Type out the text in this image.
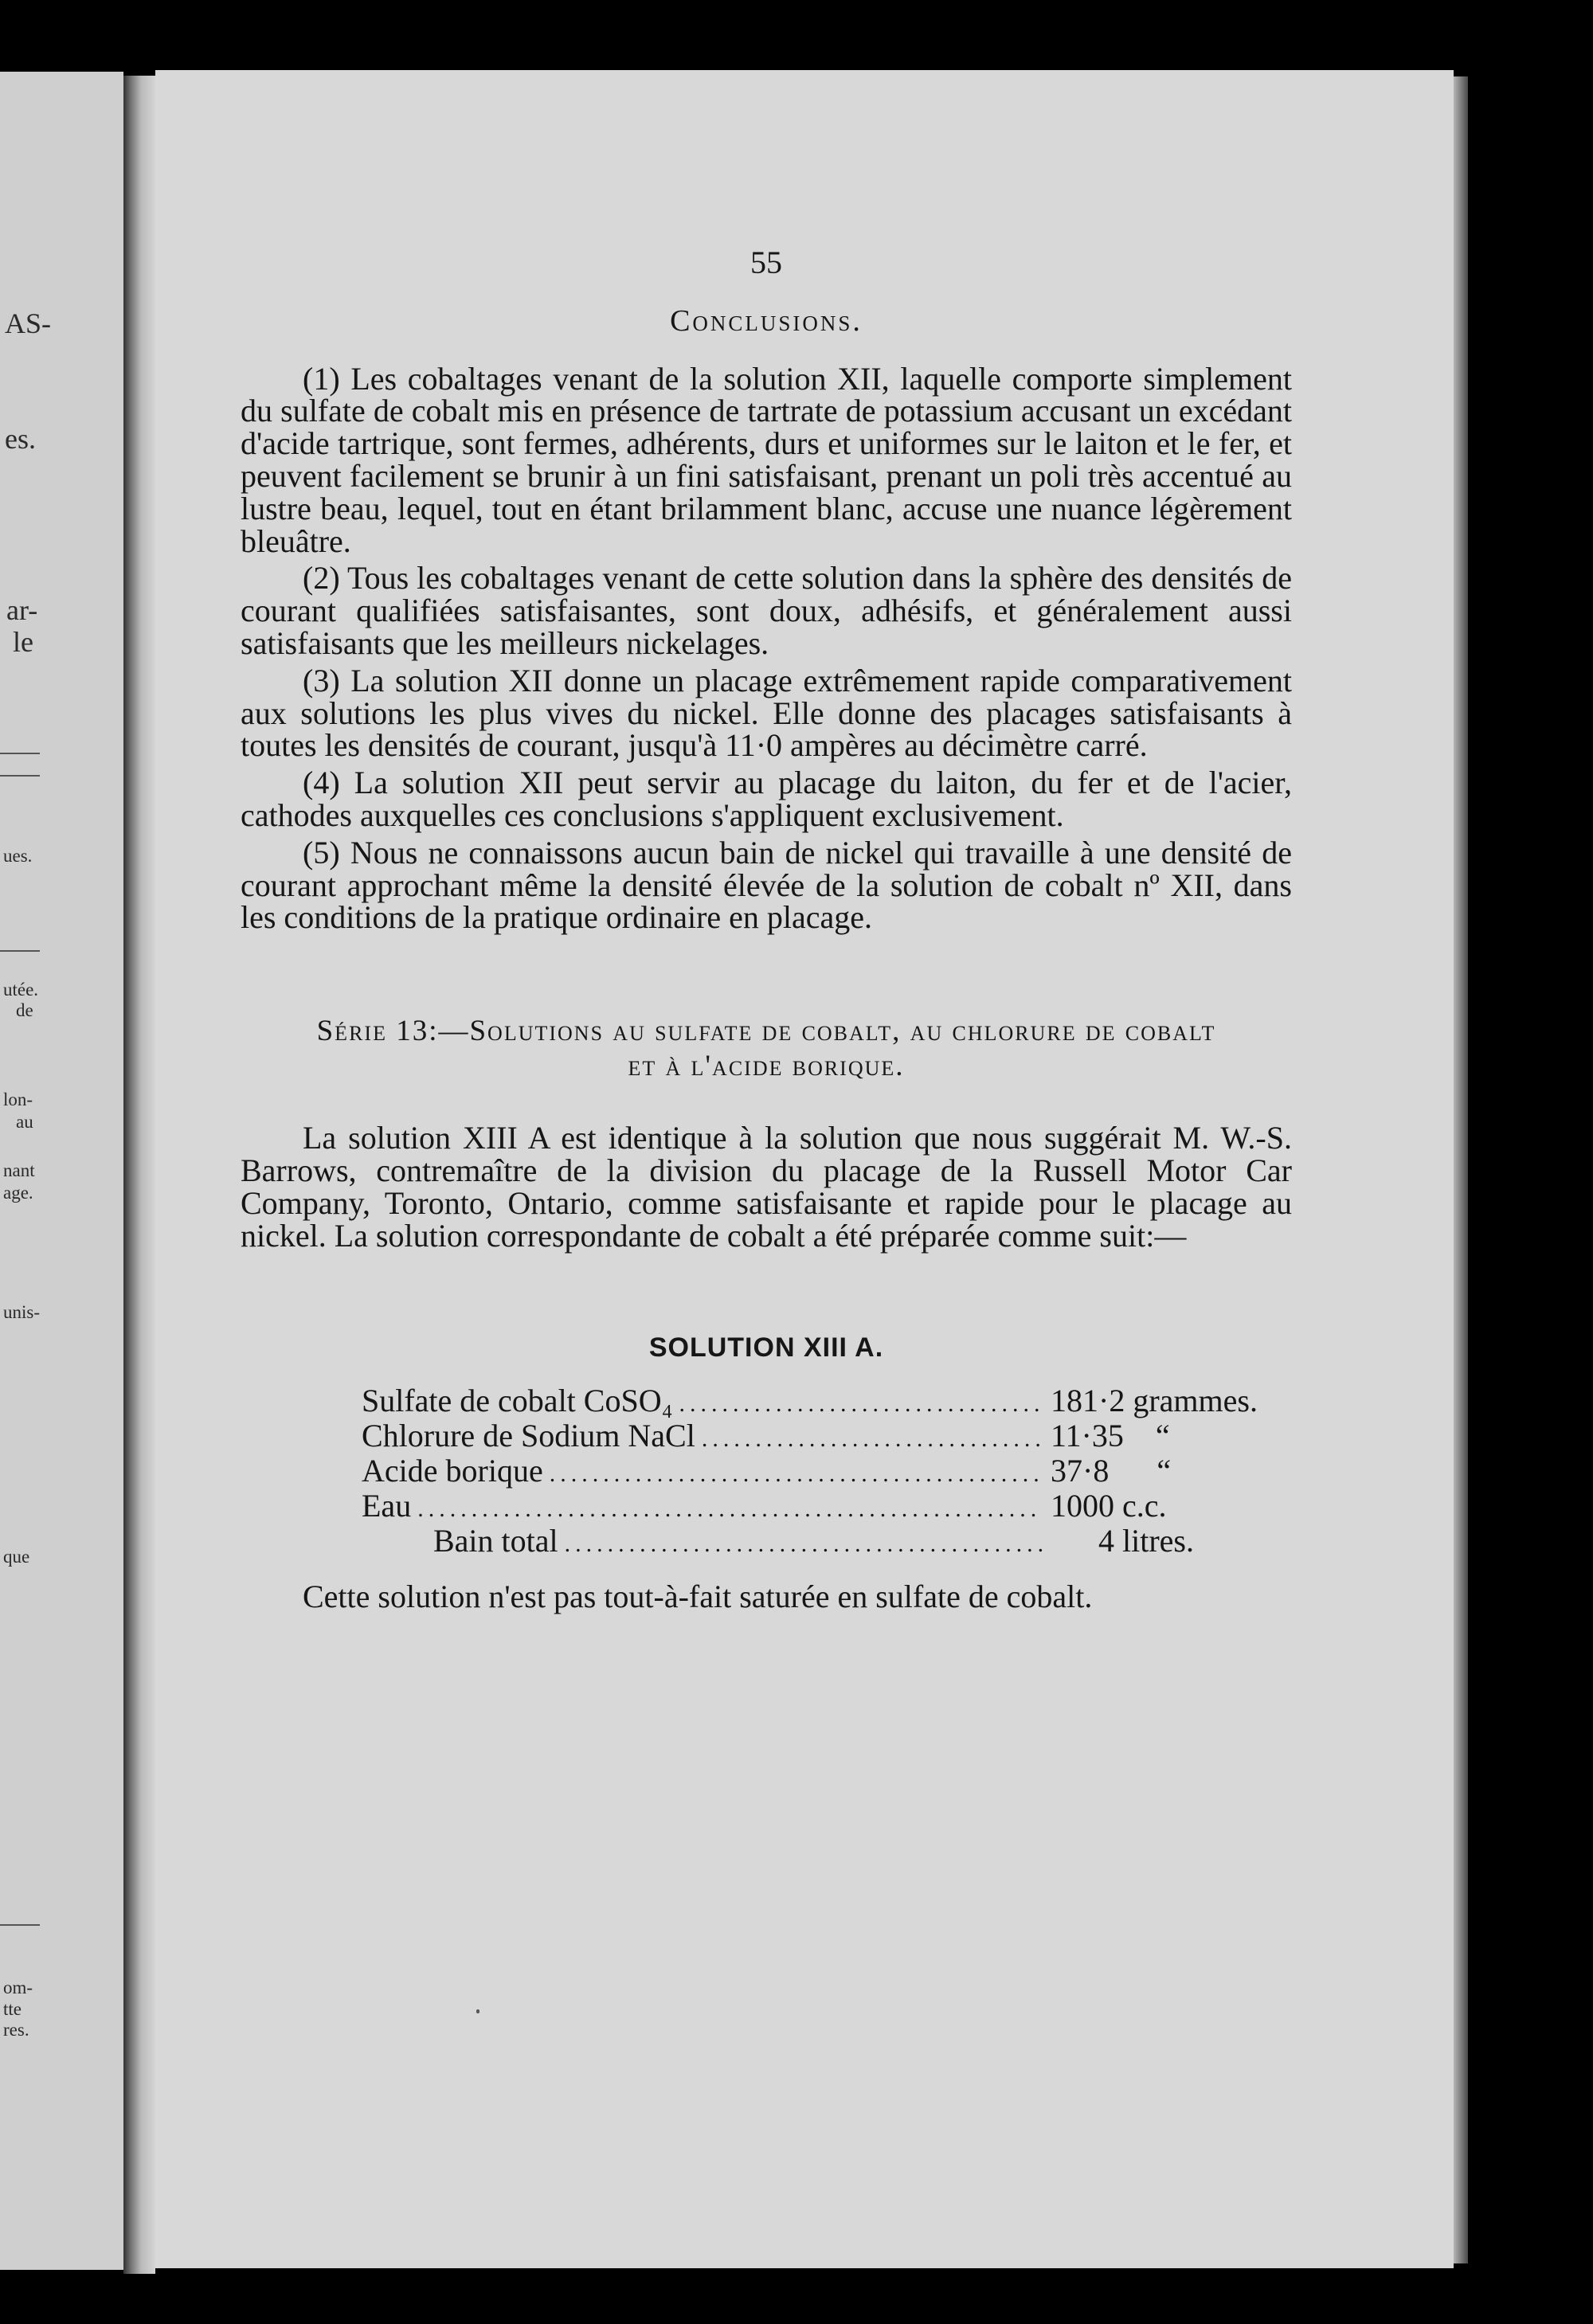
AS-
es.
ar-
le
ues.
utée.
de
lon-
au
nant
age.
unis-
que
om-
tte
res.
55
Conclusions.

(1) Les cobaltages venant de la solution XII, laquelle comporte simplement du sulfate de cobalt mis en présence de tartrate de potassium accusant un excédant d'acide tartrique, sont fermes, adhérents, durs et uniformes sur le laiton et le fer, et peuvent facilement se brunir à un fini satisfaisant, prenant un poli très accentué au lustre beau, lequel, tout en étant brilamment blanc, accuse une nuance légèrement bleuâtre.

(2) Tous les cobaltages venant de cette solution dans la sphère des densités de courant qualifiées satisfaisantes, sont doux, adhésifs, et généralement aussi satisfaisants que les meilleurs nickelages.

(3) La solution XII donne un placage extrêmement rapide comparativement aux solutions les plus vives du nickel. Elle donne des placages satisfaisants à toutes les densités de courant, jusqu'à 11·0 ampères au décimètre carré.

(4) La solution XII peut servir au placage du laiton, du fer et de l'acier, cathodes auxquelles ces conclusions s'appliquent exclusivement.

(5) Nous ne connaissons aucun bain de nickel qui travaille à une densité de courant approchant même la densité élevée de la solution de cobalt nº XII, dans les conditions de la pratique ordinaire en placage.

Série 13:—Solutions au sulfate de cobalt, au chlorure de cobalt
et à l'acide borique.

La solution XIII A est identique à la solution que nous suggérait M. W.-S. Barrows, contremaître de la division du placage de la Russell Motor Car Company, Toronto, Ontario, comme satisfaisante et rapide pour le placage au nickel. La solution correspondante de cobalt a été préparée comme suit:—

SOLUTION XIII A.
Sulfate de cobalt CoSO₄ .....	181·2 grammes.
Chlorure de Sodium NaCl .....	11·35    “
Acide borique .....	37·8      “
Eau .....	1000 c.c.
Bain total .....	4 litres.

Cette solution n'est pas tout-à-fait saturée en sulfate de cobalt.
